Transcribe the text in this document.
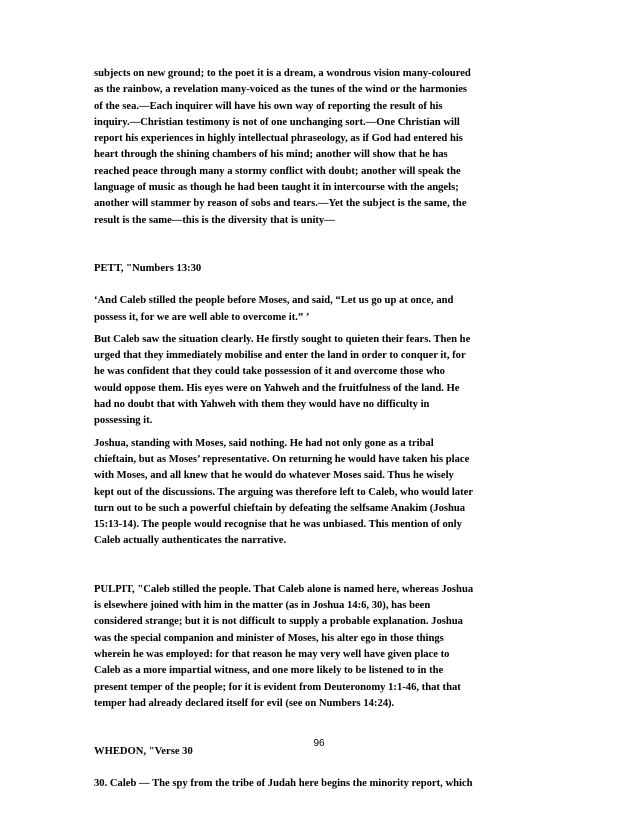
subjects on new ground; to the poet it is a dream, a wondrous vision many-coloured
as the rainbow, a revelation many-voiced as the tunes of the wind or the harmonies
of the sea.—Each inquirer will have his own way of reporting the result of his
inquiry.—Christian testimony is not of one unchanging sort.—One Christian will
report his experiences in highly intellectual phraseology, as if God had entered his
heart through the shining chambers of his mind; another will show that he has
reached peace through many a stormy conflict with doubt; another will speak the
language of music as though he had been taught it in intercourse with the angels;
another will stammer by reason of sobs and tears.—Yet the subject is the same, the
result is the same—this is the diversity that is unity—
PETT, "Numbers 13:30
‘And Caleb stilled the people before Moses, and said, “Let us go up at once, and
possess it, for we are well able to overcome it.” ’
But Caleb saw the situation clearly. He firstly sought to quieten their fears. Then he
urged that they immediately mobilise and enter the land in order to conquer it, for
he was confident that they could take possession of it and overcome those who
would oppose them. His eyes were on Yahweh and the fruitfulness of the land. He
had no doubt that with Yahweh with them they would have no difficulty in
possessing it.
Joshua, standing with Moses, said nothing. He had not only gone as a tribal
chieftain, but as Moses’ representative. On returning he would have taken his place
with Moses, and all knew that he would do whatever Moses said. Thus he wisely
kept out of the discussions. The arguing was therefore left to Caleb, who would later
turn out to be such a powerful chieftain by defeating the selfsame Anakim (Joshua
15:13-14). The people would recognise that he was unbiased. This mention of only
Caleb actually authenticates the narrative.
PULPIT, "Caleb stilled the people. That Caleb alone is named here, whereas Joshua
is elsewhere joined with him in the matter (as in Joshua 14:6, 30), has been
considered strange; but it is not difficult to supply a probable explanation. Joshua
was the special companion and minister of Moses, his alter ego in those things
wherein he was employed: for that reason he may very well have given place to
Caleb as a more impartial witness, and one more likely to be listened to in the
present temper of the people; for it is evident from Deuteronomy 1:1-46, that that
temper had already declared itself for evil (see on Numbers 14:24).
WHEDON, "Verse 30
30. Caleb — The spy from the tribe of Judah here begins the minority report, which
96
